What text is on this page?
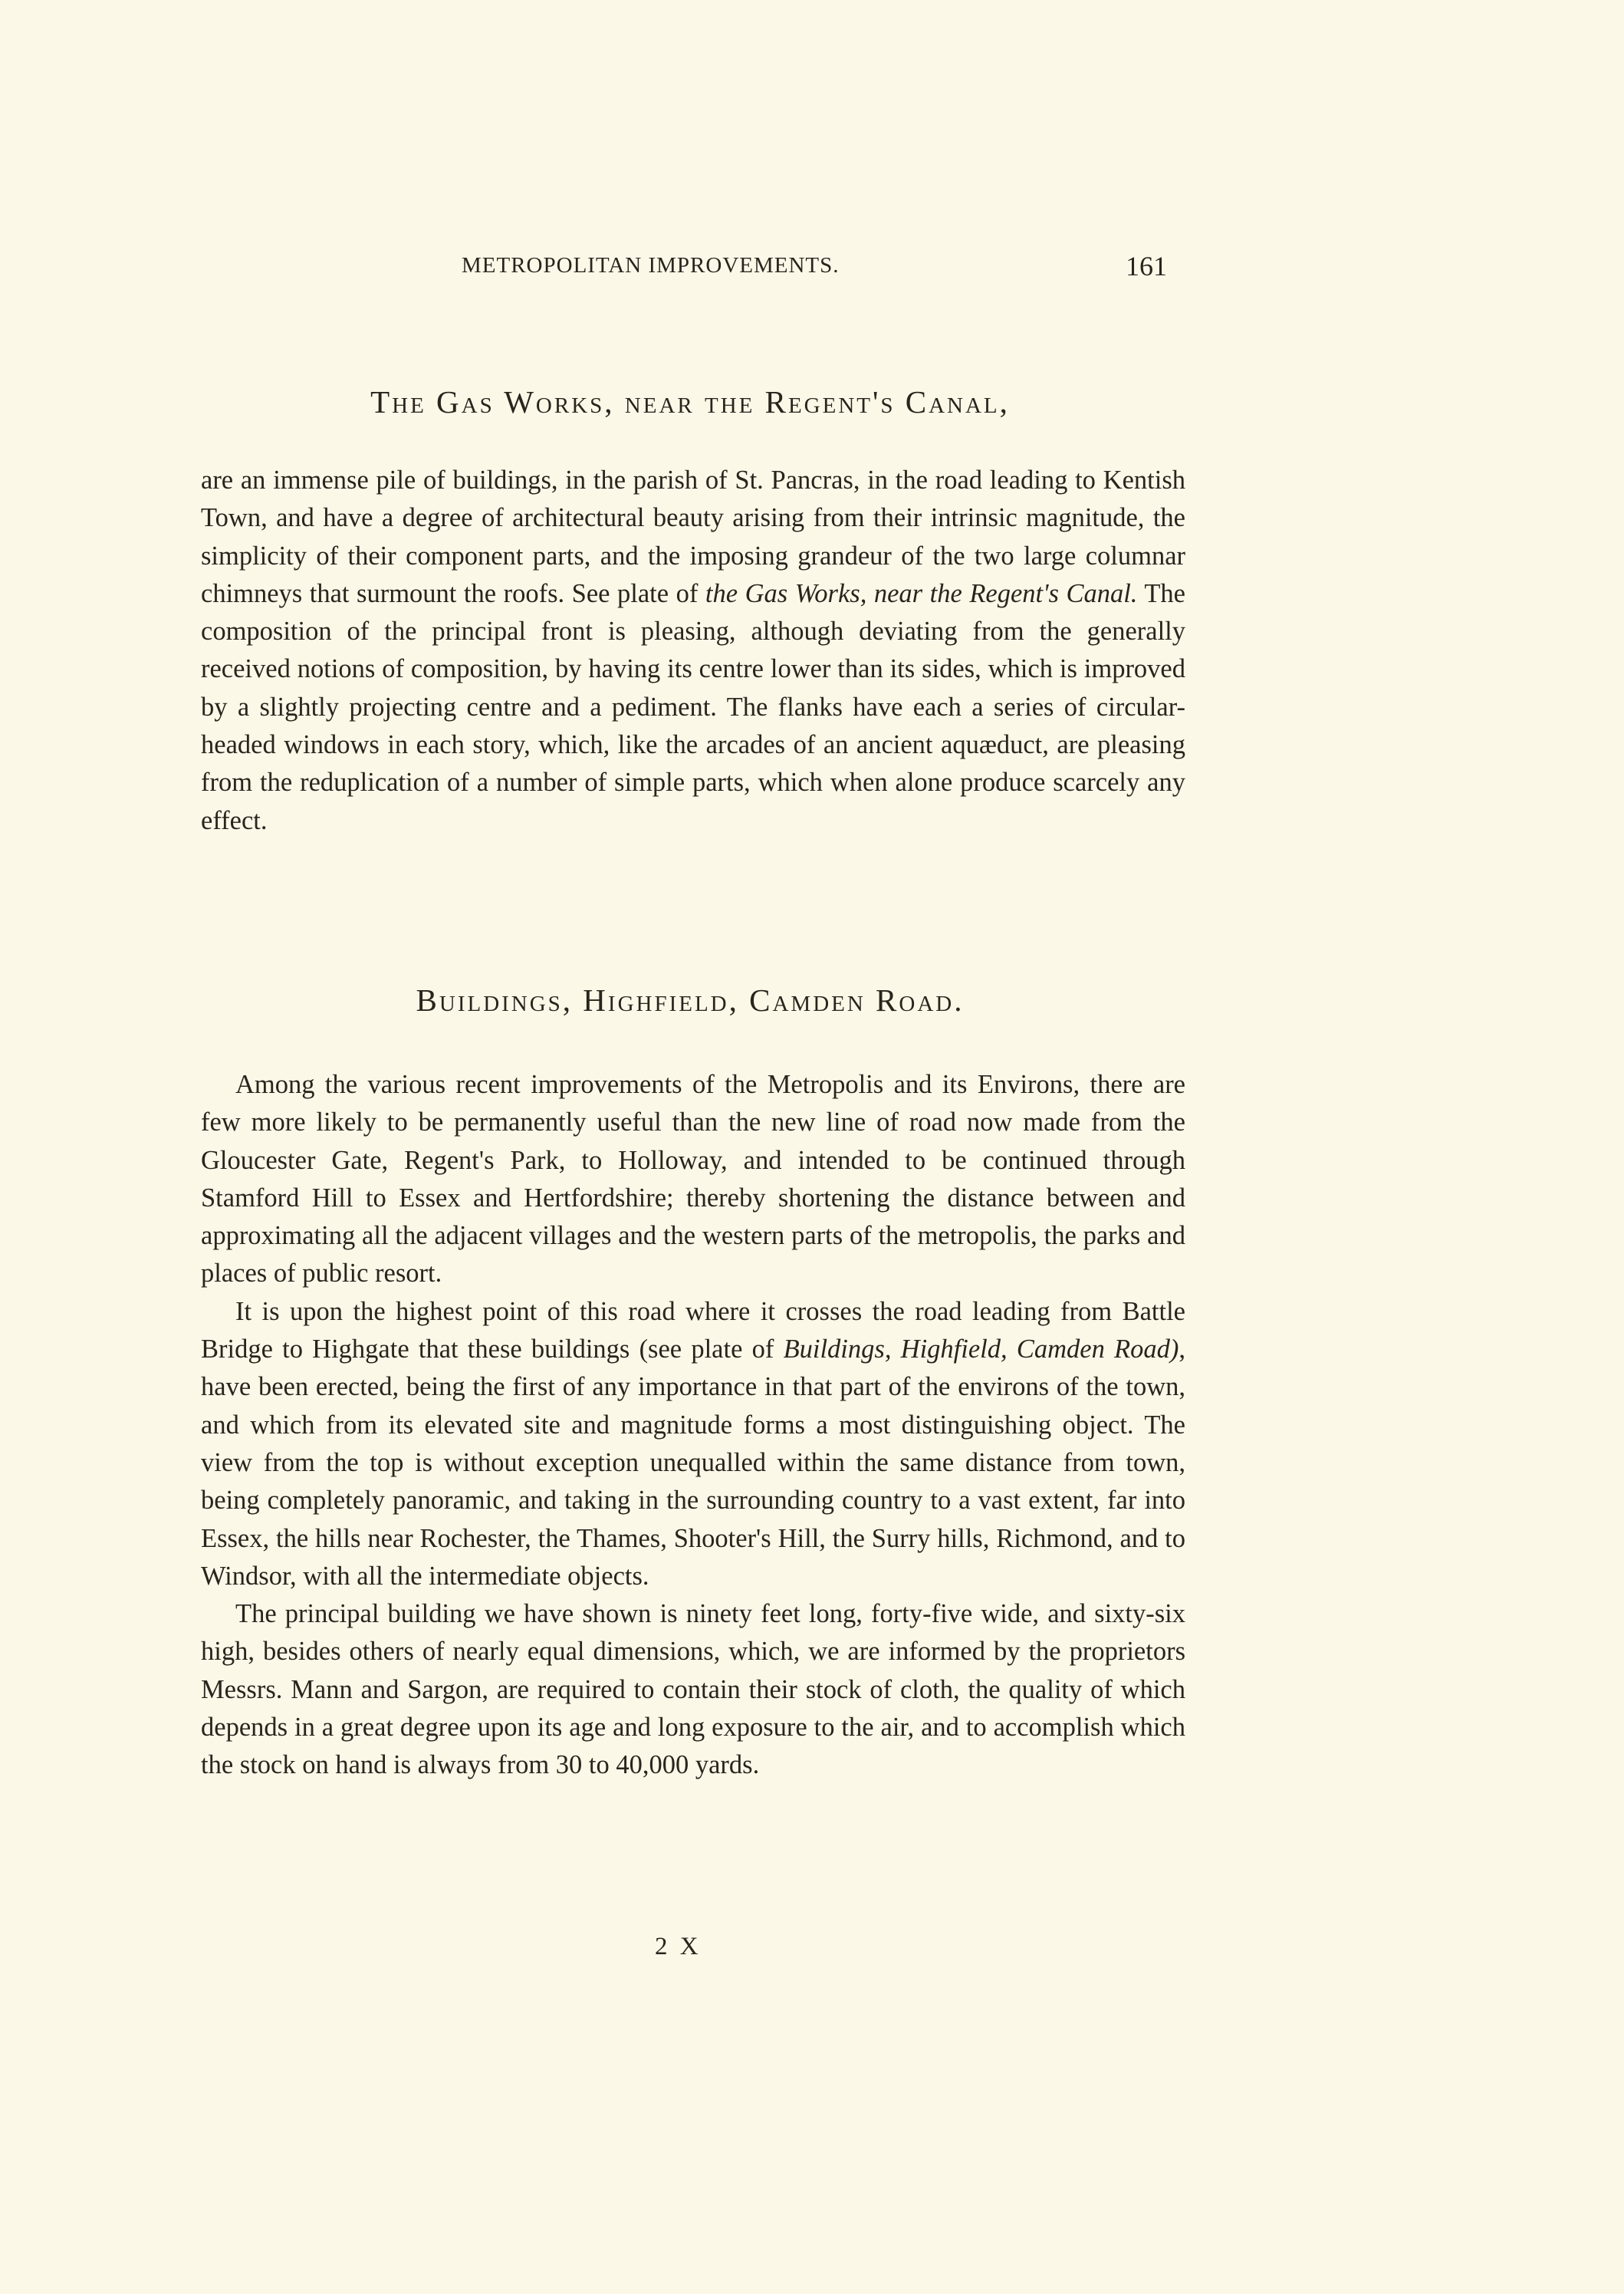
METROPOLITAN IMPROVEMENTS.	161
The Gas Works, near the Regent's Canal,

are an immense pile of buildings, in the parish of St. Pancras, in the road leading to Kentish Town, and have a degree of architectural beauty arising from their intrinsic magnitude, the simplicity of their component parts, and the imposing grandeur of the two large columnar chimneys that surmount the roofs. See plate of the Gas Works, near the Regent's Canal. The composition of the principal front is pleasing, although deviating from the generally received notions of composition, by having its centre lower than its sides, which is improved by a slightly projecting centre and a pediment. The flanks have each a series of circular-headed windows in each story, which, like the arcades of an ancient aquæduct, are pleasing from the reduplication of a number of simple parts, which when alone produce scarcely any effect.

Buildings, Highfield, Camden Road.

Among the various recent improvements of the Metropolis and its Environs, there are few more likely to be permanently useful than the new line of road now made from the Gloucester Gate, Regent's Park, to Holloway, and intended to be continued through Stamford Hill to Essex and Hertfordshire; thereby shortening the distance between and approximating all the adjacent villages and the western parts of the metropolis, the parks and places of public resort.

It is upon the highest point of this road where it crosses the road leading from Battle Bridge to Highgate that these buildings (see plate of Buildings, Highfield, Camden Road), have been erected, being the first of any importance in that part of the environs of the town, and which from its elevated site and magnitude forms a most distinguishing object. The view from the top is without exception unequalled within the same distance from town, being completely panoramic, and taking in the surrounding country to a vast extent, far into Essex, the hills near Rochester, the Thames, Shooter's Hill, the Surry hills, Richmond, and to Windsor, with all the intermediate objects.

The principal building we have shown is ninety feet long, forty-five wide, and sixty-six high, besides others of nearly equal dimensions, which, we are informed by the proprietors Messrs. Mann and Sargon, are required to contain their stock of cloth, the quality of which depends in a great degree upon its age and long exposure to the air, and to accomplish which the stock on hand is always from 30 to 40,000 yards.

2 X
